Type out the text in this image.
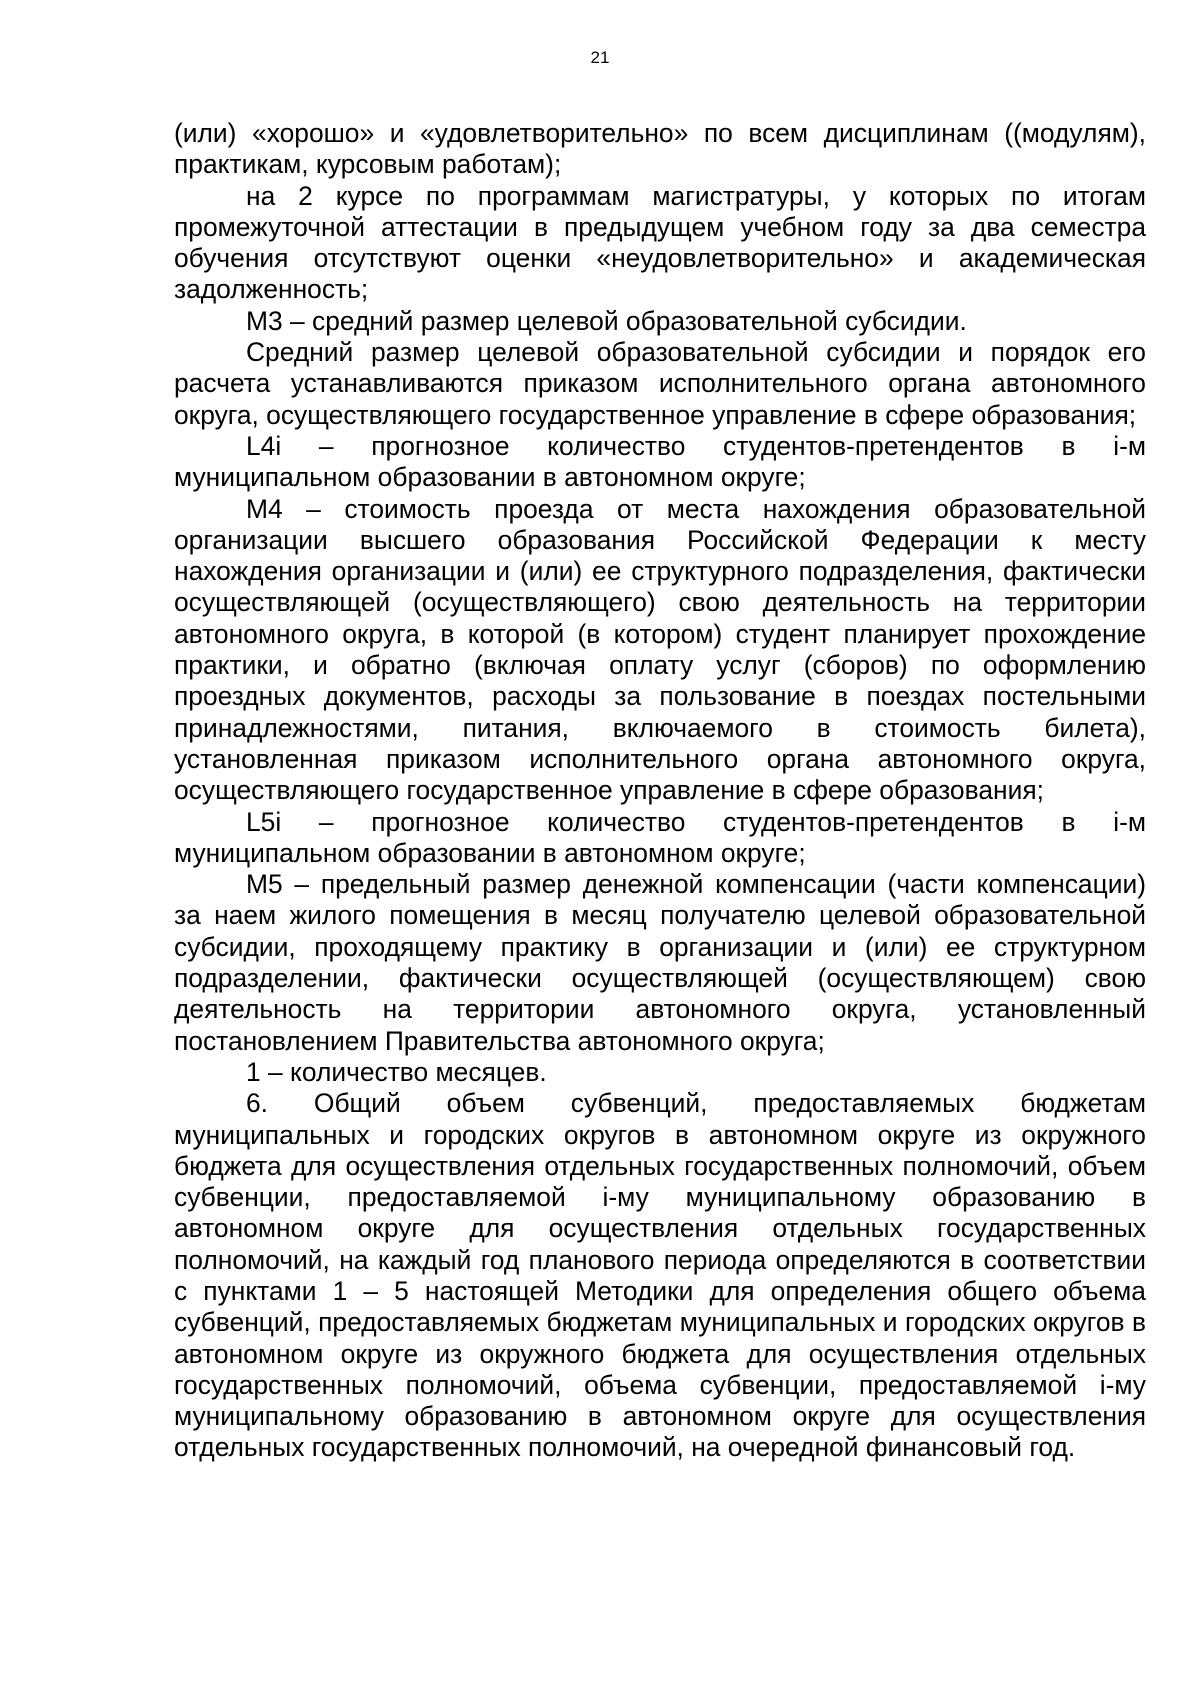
21

(или) «хорошо» и «удовлетворительно» по всем дисциплинам ((модулям), практикам, курсовым работам);

на 2 курсе по программам магистратуры, у которых по итогам промежуточной аттестации в предыдущем учебном году за два семестра обучения отсутствуют оценки «неудовлетворительно» и академическая задолженность;

М3 – средний размер целевой образовательной субсидии.

Средний размер целевой образовательной субсидии и порядок его расчета устанавливаются приказом исполнительного органа автономного округа, осуществляющего государственное управление в сфере образования;

L4i – прогнозное количество студентов-претендентов в i-м муниципальном образовании в автономном округе;

М4 – стоимость проезда от места нахождения образовательной организации высшего образования Российской Федерации к месту нахождения организации и (или) ее структурного подразделения, фактически осуществляющей (осуществляющего) свою деятельность на территории автономного округа, в которой (в котором) студент планирует прохождение практики, и обратно (включая оплату услуг (сборов) по оформлению проездных документов, расходы за пользование в поездах постельными принадлежностями, питания, включаемого в стоимость билета), установленная приказом исполнительного органа автономного округа, осуществляющего государственное управление в сфере образования;

L5i – прогнозное количество студентов-претендентов в i-м муниципальном образовании в автономном округе;

М5 – предельный размер денежной компенсации (части компенсации) за наем жилого помещения в месяц получателю целевой образовательной субсидии, проходящему практику в организации и (или) ее структурном подразделении, фактически осуществляющей (осуществляющем) свою деятельность на территории автономного округа, установленный постановлением Правительства автономного округа;

1 – количество месяцев.

6. Общий объем субвенций, предоставляемых бюджетам муниципальных и городских округов в автономном округе из окружного бюджета для осуществления отдельных государственных полномочий, объем субвенции, предоставляемой i-му муниципальному образованию в автономном округе для осуществления отдельных государственных полномочий, на каждый год планового периода определяются в соответствии с пунктами 1 – 5 настоящей Методики для определения общего объема субвенций, предоставляемых бюджетам муниципальных и городских округов в автономном округе из окружного бюджета для осуществления отдельных государственных полномочий, объема субвенции, предоставляемой i-му муниципальному образованию в автономном округе для осуществления отдельных государственных полномочий, на очередной финансовый год.
